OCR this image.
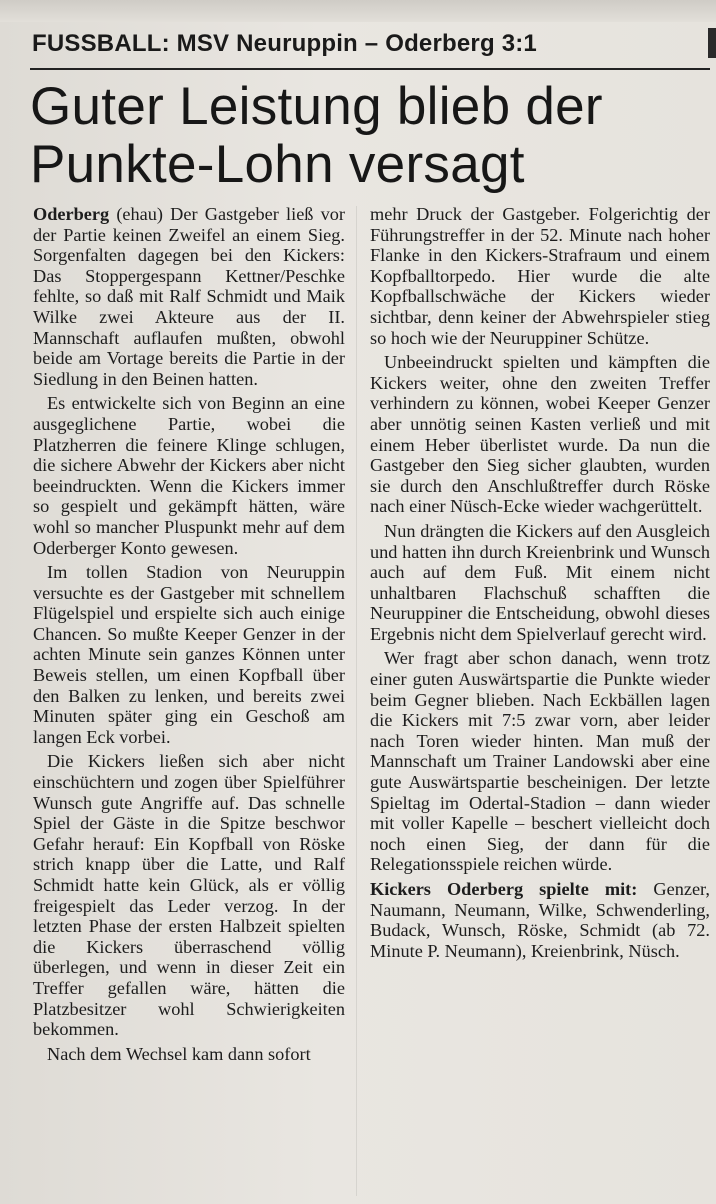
FUSSBALL: MSV Neuruppin – Oderberg 3:1
Guter Leistung blieb der
Punkte-Lohn versagt

Oderberg (ehau) Der Gastgeber ließ vor der Partie keinen Zweifel an einem Sieg. Sorgenfalten dagegen bei den Kickers: Das Stoppergespann Kettner/Peschke fehlte, so daß mit Ralf Schmidt und Maik Wilke zwei Akteure aus der II. Mannschaft auflaufen mußten, obwohl beide am Vortage bereits die Partie in der Siedlung in den Beinen hatten.

Es entwickelte sich von Beginn an eine ausgeglichene Partie, wobei die Platzherren die feinere Klinge schlugen, die sichere Abwehr der Kickers aber nicht beeindruckten. Wenn die Kickers immer so gespielt und gekämpft hätten, wäre wohl so mancher Pluspunkt mehr auf dem Oderberger Konto gewesen.

Im tollen Stadion von Neuruppin versuchte es der Gastgeber mit schnellem Flügelspiel und erspielte sich auch einige Chancen. So mußte Keeper Genzer in der achten Minute sein ganzes Können unter Beweis stellen, um einen Kopfball über den Balken zu lenken, und bereits zwei Minuten später ging ein Geschoß am langen Eck vorbei.

Die Kickers ließen sich aber nicht einschüchtern und zogen über Spielführer Wunsch gute Angriffe auf. Das schnelle Spiel der Gäste in die Spitze beschwor Gefahr herauf: Ein Kopfball von Röske strich knapp über die Latte, und Ralf Schmidt hatte kein Glück, als er völlig freigespielt das Leder verzog. In der letzten Phase der ersten Halbzeit spielten die Kickers überraschend völlig überlegen, und wenn in dieser Zeit ein Treffer gefallen wäre, hätten die Platzbesitzer wohl Schwierigkeiten bekommen.

Nach dem Wechsel kam dann sofort

mehr Druck der Gastgeber. Folgerichtig der Führungstreffer in der 52. Minute nach hoher Flanke in den Kickers-Strafraum und einem Kopfballtorpedo. Hier wurde die alte Kopfballschwäche der Kickers wieder sichtbar, denn keiner der Abwehrspieler stieg so hoch wie der Neuruppiner Schütze.

Unbeeindruckt spielten und kämpften die Kickers weiter, ohne den zweiten Treffer verhindern zu können, wobei Keeper Genzer aber unnötig seinen Kasten verließ und mit einem Heber überlistet wurde. Da nun die Gastgeber den Sieg sicher glaubten, wurden sie durch den Anschlußtreffer durch Röske nach einer Nüsch-Ecke wieder wachgerüttelt.

Nun drängten die Kickers auf den Ausgleich und hatten ihn durch Kreienbrink und Wunsch auch auf dem Fuß. Mit einem nicht unhaltbaren Flachschuß schafften die Neuruppiner die Entscheidung, obwohl dieses Ergebnis nicht dem Spielverlauf gerecht wird.

Wer fragt aber schon danach, wenn trotz einer guten Auswärtspartie die Punkte wieder beim Gegner blieben. Nach Eckbällen lagen die Kickers mit 7:5 zwar vorn, aber leider nach Toren wieder hinten. Man muß der Mannschaft um Trainer Landowski aber eine gute Auswärtspartie bescheinigen. Der letzte Spieltag im Odertal-Stadion – dann wieder mit voller Kapelle – beschert vielleicht doch noch einen Sieg, der dann für die Relegationsspiele reichen würde.

Kickers Oderberg spielte mit: Genzer, Naumann, Neumann, Wilke, Schwenderling, Budack, Wunsch, Röske, Schmidt (ab 72. Minute P. Neumann), Kreienbrink, Nüsch.
